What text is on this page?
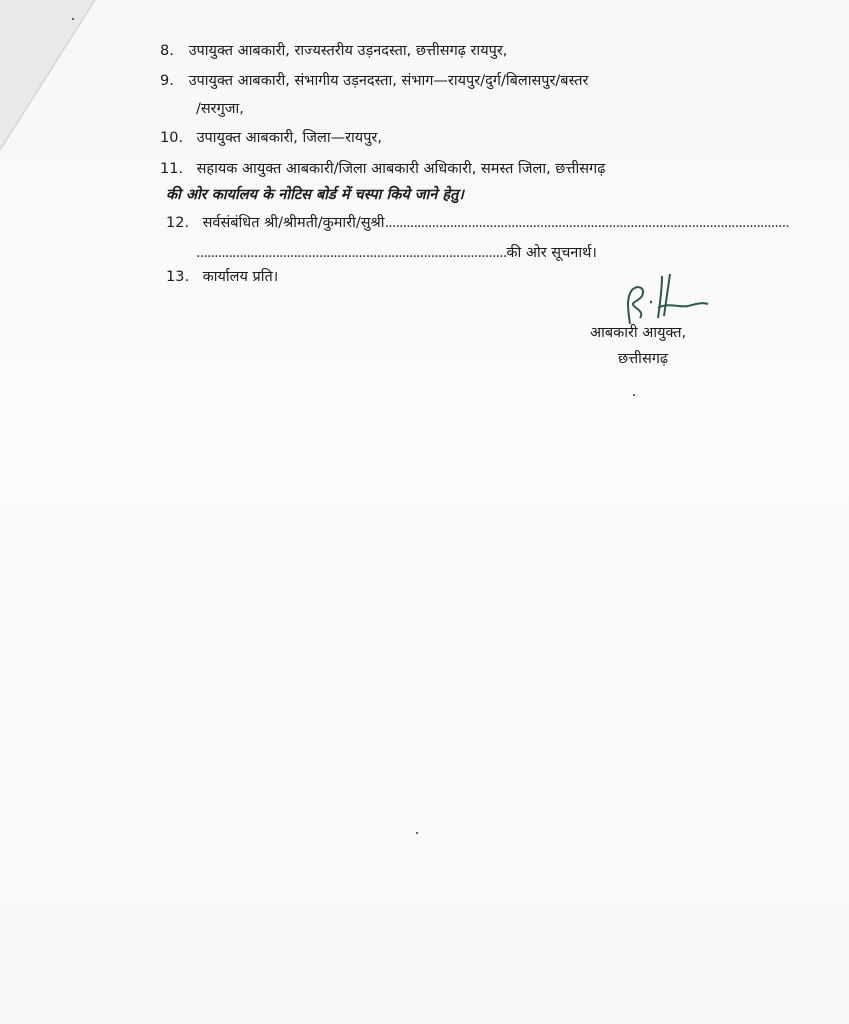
8. उपायुक्त आबकारी, राज्यस्तरीय उड़नदस्ता, छत्तीसगढ़ रायपुर,
9. उपायुक्त आबकारी, संभागीय उड़नदस्ता, संभाग—रायपुर/दुर्ग/बिलासपुर/बस्तर
/सरगुजा,
10. उपायुक्त आबकारी, जिला—रायपुर,
11. सहायक आयुक्त आबकारी/जिला आबकारी अधिकारी, समस्त जिला, छत्तीसगढ़
की ओर कार्यालय के नोटिस बोर्ड में चस्पा किये जाने हेतु।
12. सर्वसंबंधित श्री/श्रीमती/कुमारी/सुश्री................................................................................................................
......................................................................................की ओर सूचनार्थ।
13. कार्यालय प्रति।
आबकारी आयुक्त,
छत्तीसगढ़
